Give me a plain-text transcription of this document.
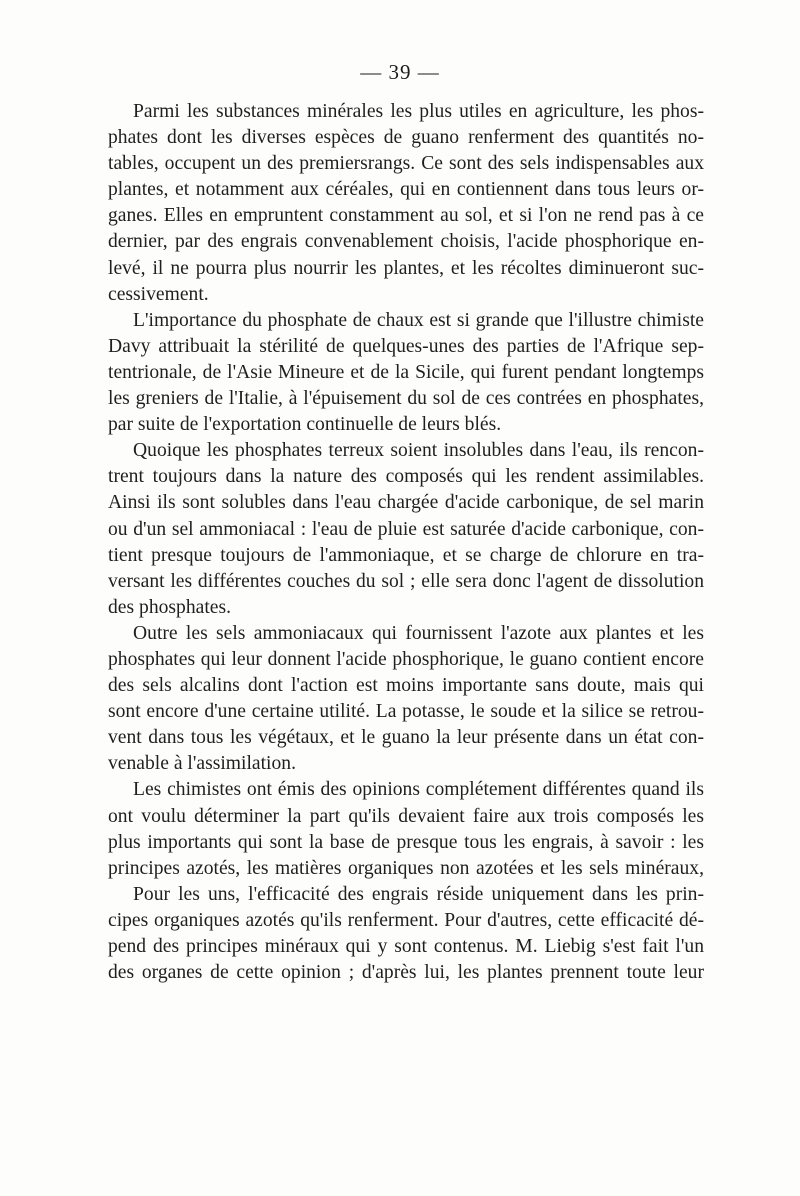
— 39 —

Parmi les substances minérales les plus utiles en agriculture, les phos-
phates dont les diverses espèces de guano renferment des quantités no-
tables, occupent un des premiersrangs. Ce sont des sels indispensables aux
plantes, et notamment aux céréales, qui en contiennent dans tous leurs or-
ganes. Elles en empruntent constamment au sol, et si l'on ne rend pas à ce
dernier, par des engrais convenablement choisis, l'acide phosphorique en-
levé, il ne pourra plus nourrir les plantes, et les récoltes diminueront suc-
cessivement.

L'importance du phosphate de chaux est si grande que l'illustre chimiste
Davy attribuait la stérilité de quelques-unes des parties de l'Afrique sep-
tentrionale, de l'Asie Mineure et de la Sicile, qui furent pendant longtemps
les greniers de l'Italie, à l'épuisement du sol de ces contrées en phosphates,
par suite de l'exportation continuelle de leurs blés.

Quoique les phosphates terreux soient insolubles dans l'eau, ils rencon-
trent toujours dans la nature des composés qui les rendent assimilables.
Ainsi ils sont solubles dans l'eau chargée d'acide carbonique, de sel marin
ou d'un sel ammoniacal : l'eau de pluie est saturée d'acide carbonique, con-
tient presque toujours de l'ammoniaque, et se charge de chlorure en tra-
versant les différentes couches du sol ; elle sera donc l'agent de dissolution
des phosphates.

Outre les sels ammoniacaux qui fournissent l'azote aux plantes et les
phosphates qui leur donnent l'acide phosphorique, le guano contient encore
des sels alcalins dont l'action est moins importante sans doute, mais qui
sont encore d'une certaine utilité. La potasse, le soude et la silice se retrou-
vent dans tous les végétaux, et le guano la leur présente dans un état con-
venable à l'assimilation.

Les chimistes ont émis des opinions complétement différentes quand ils
ont voulu déterminer la part qu'ils devaient faire aux trois composés les
plus importants qui sont la base de presque tous les engrais, à savoir : les
principes azotés, les matières organiques non azotées et les sels minéraux,

Pour les uns, l'efficacité des engrais réside uniquement dans les prin-
cipes organiques azotés qu'ils renferment. Pour d'autres, cette efficacité dé-
pend des principes minéraux qui y sont contenus. M. Liebig s'est fait l'un
des organes de cette opinion ; d'après lui, les plantes prennent toute leur
